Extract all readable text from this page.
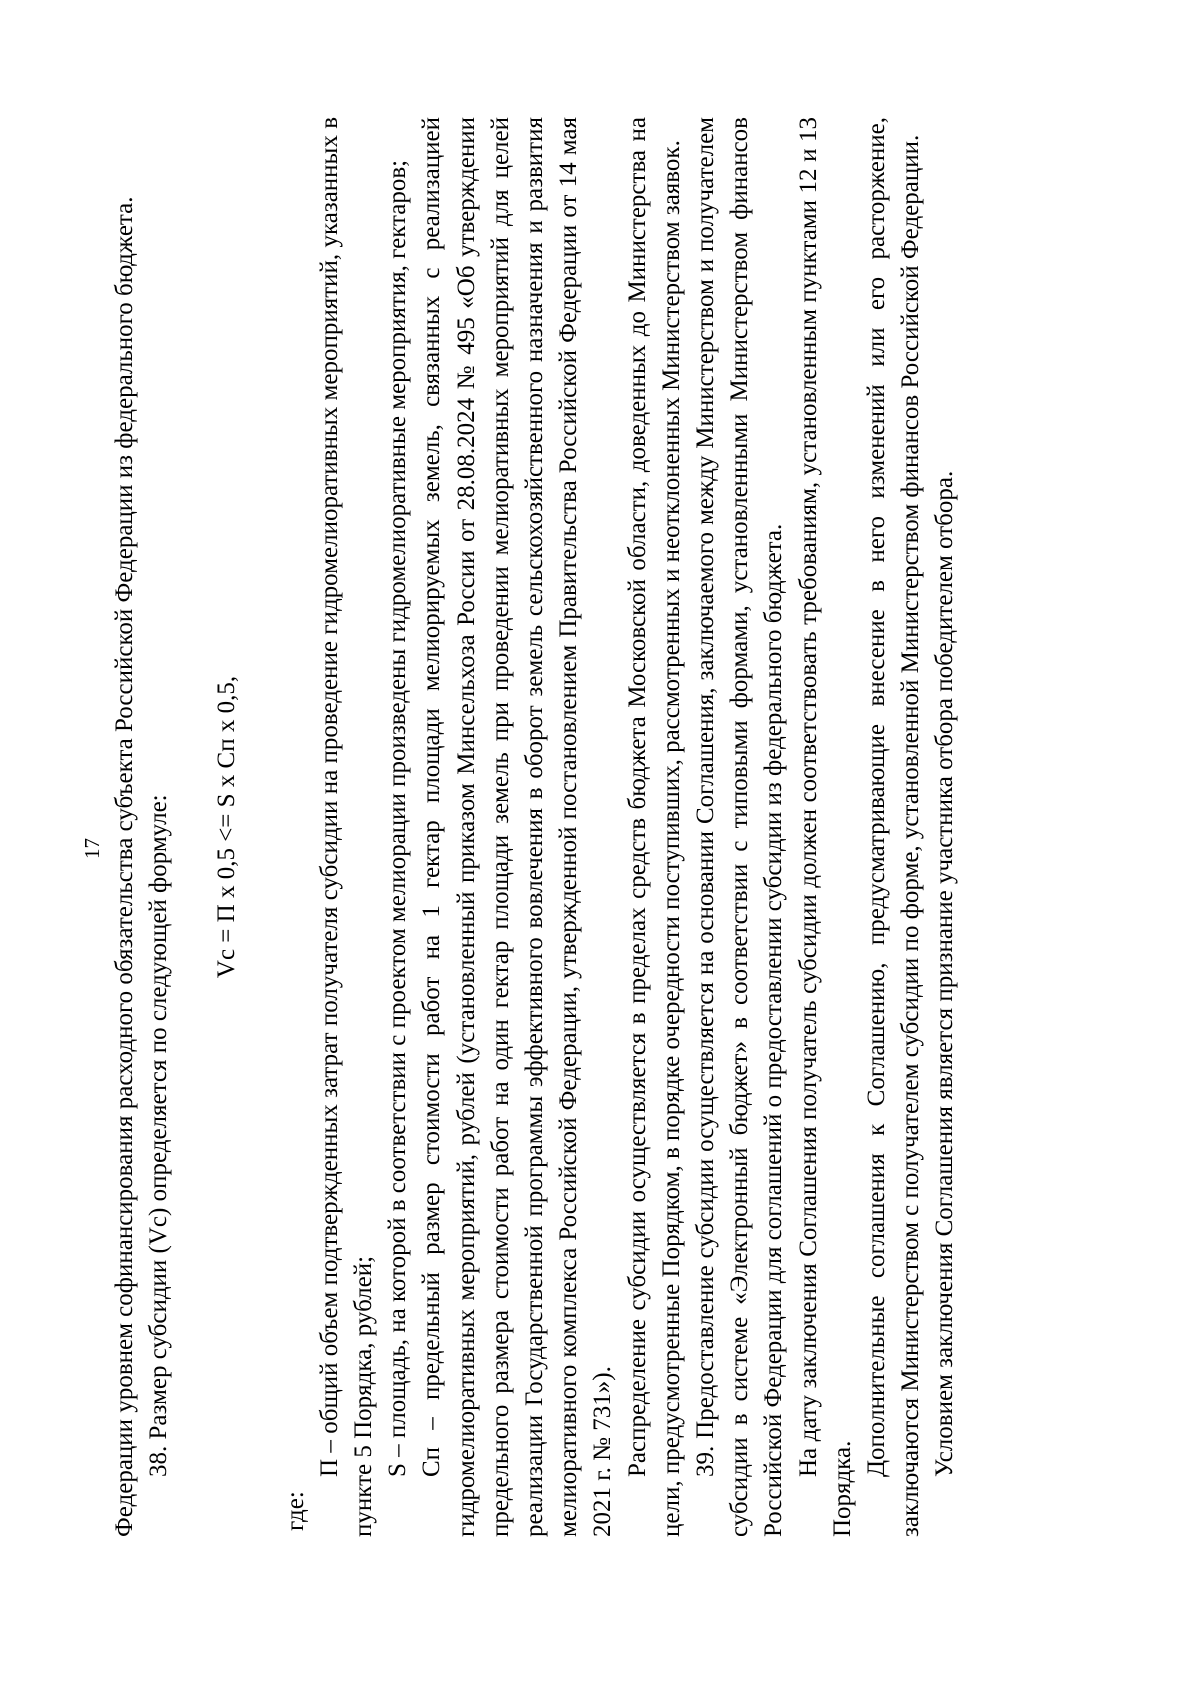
17 Федерации уровнем софинансирования расходного обязательства субъекта Российской Федерации из федерального бюджета. 38. Размер субсидии (Vс) определяется по следующей формуле:	Vс = П x 0,5 <= S x Сп x 0,5,

где:

П – общий объем подтвержденных затрат получателя субсидии на проведение гидромелиоративных мероприятий, указанных в пункте 5 Порядка, рублей; S – площадь, на которой в соответствии с проектом мелиорации произведены гидромелиоративные мероприятия, гектаров; Сп – предельный размер стоимости работ на 1 гектар площади мелиорируемых земель, связанных с реализацией гидромелиоративных мероприятий, рублей (установленный приказом Минсельхоза России от 28.08.2024 № 495 «Об утверждении предельного размера стоимости работ на один гектар площади земель при проведении мелиоративных мероприятий для целей реализации Государственной программы эффективного вовлечения в оборот земель сельскохозяйственного назначения и развития мелиоративного комплекса Российской Федерации, утвержденной постановлением Правительства Российской Федерации от 14 мая 2021 г. № 731»). Распределение субсидии осуществляется в пределах средств бюджета Московской области, доведенных до Министерства на цели, предусмотренные Порядком, в порядке очередности поступивших, рассмотренных и неотклоненных Министерством заявок. 39. Предоставление субсидии осуществляется на основании Соглашения, заключаемого между Министерством и получателем субсидии в системе «Электронный бюджет» в соответствии с типовыми формами, установленными Министерством финансов Российской Федерации для соглашений о предоставлении субсидии из федерального бюджета. На дату заключения Соглашения получатель субсидии должен соответствовать требованиям, установленным пунктами 12 и 13 Порядка.

Дополнительные соглашения к Соглашению, предусматривающие внесение в него изменений или его расторжение, заключаются Министерством с получателем субсидии по форме, установленной Министерством финансов Российской Федерации. Условием заключения Соглашения является признание участника отбора победителем отбора.
